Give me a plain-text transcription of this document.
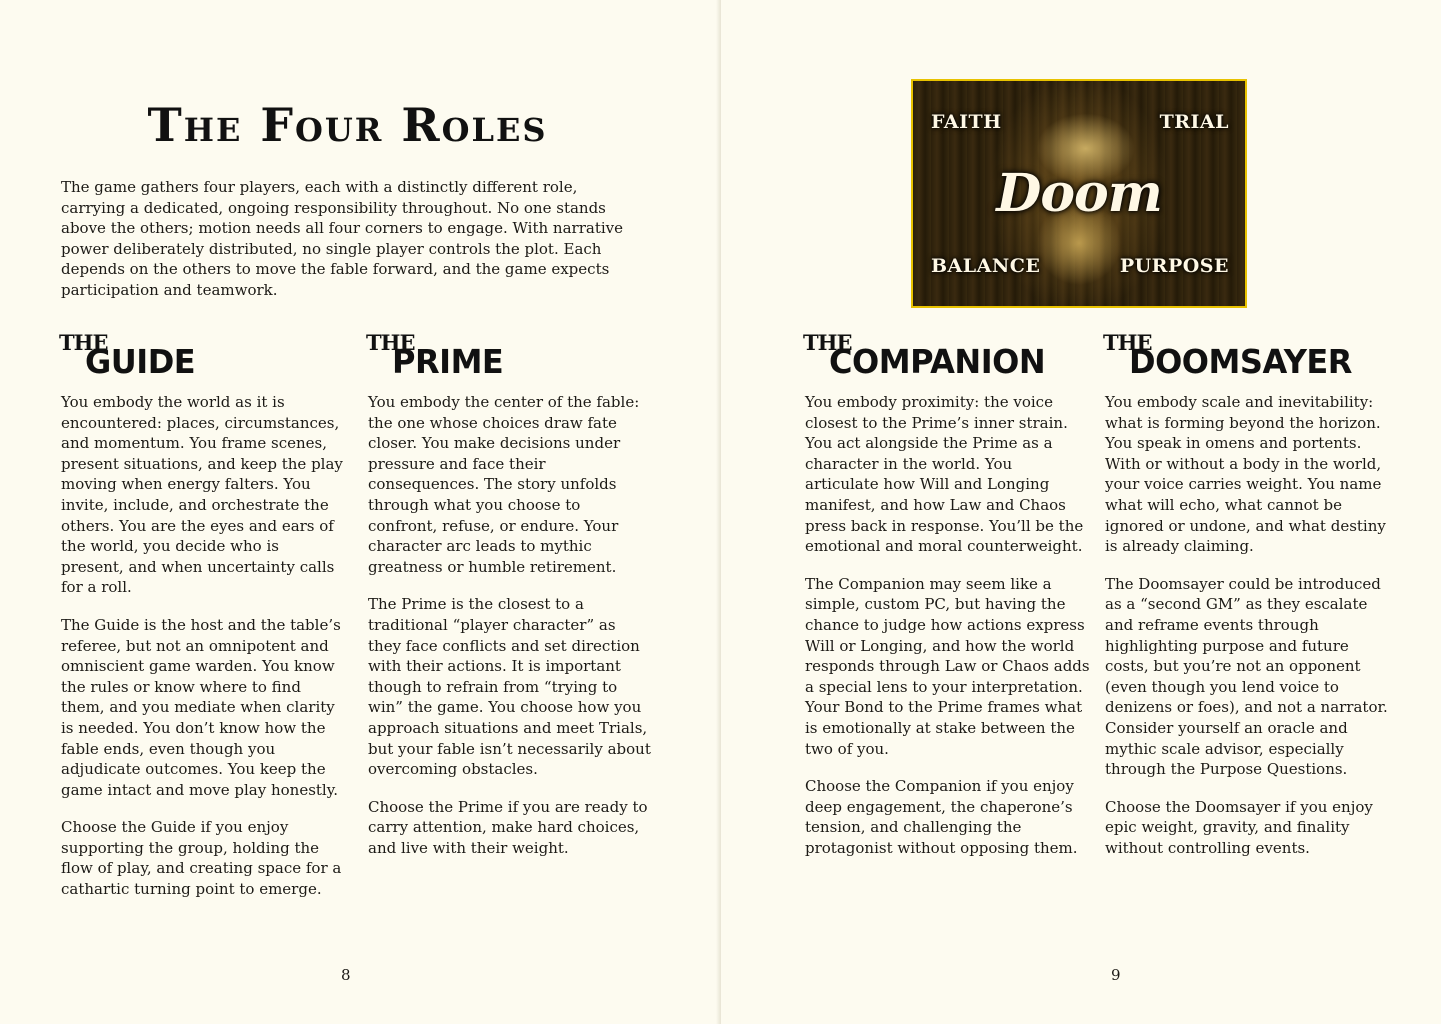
The Four Roles

The game gathers four players, each with a distinctly different role, carrying a dedicated, ongoing responsibility throughout. No one stands above the others; motion needs all four corners to engage. With narrative power deliberately distributed, no single player controls the plot. Each depends on the others to move the fable forward, and the game expects participation and teamwork.

THE
GUIDE

You embody the world as it is encountered: places, circumstances, and momentum. You frame scenes, present situations, and keep the play moving when energy falters. You invite, include, and orchestrate the others. You are the eyes and ears of the world, you decide who is present, and when uncertainty calls for a roll.

The Guide is the host and the table’s referee, but not an omnipotent and omniscient game warden. You know the rules or know where to find them, and you mediate when clarity is needed. You don’t know how the fable ends, even though you adjudicate outcomes. You keep the game intact and move play honestly.

Choose the Guide if you enjoy supporting the group, holding the flow of play, and creating space for a cathartic turning point to emerge.

THE
PRIME

You embody the center of the fable: the one whose choices draw fate closer. You make decisions under pressure and face their consequences. The story unfolds through what you choose to confront, refuse, or endure. Your character arc leads to mythic greatness or humble retirement.

The Prime is the closest to a traditional “player character” as they face conflicts and set direction with their actions. It is important though to refrain from “trying to win” the game. You choose how you approach situations and meet Trials, but your fable isn’t necessarily about overcoming obstacles.

Choose the Prime if you are ready to carry attention, make hard choices, and live with their weight.

8
FAITH	TRIAL
Doom
BALANCE	PURPOSE
THE
COMPANION

You embody proximity: the voice closest to the Prime’s inner strain. You act alongside the Prime as a character in the world. You articulate how Will and Longing manifest, and how Law and Chaos press back in response. You’ll be the emotional and moral counterweight.

The Companion may seem like a simple, custom PC, but having the chance to judge how actions express Will or Longing, and how the world responds through Law or Chaos adds a special lens to your interpretation. Your Bond to the Prime frames what is emotionally at stake between the two of you.

Choose the Companion if you enjoy deep engagement, the chaperone’s tension, and challenging the protagonist without opposing them.

THE
DOOMSAYER

You embody scale and inevitability: what is forming beyond the horizon. You speak in omens and portents. With or without a body in the world, your voice carries weight. You name what will echo, what cannot be ignored or undone, and what destiny is already claiming.

The Doomsayer could be introduced as a “second GM” as they escalate and reframe events through highlighting purpose and future costs, but you’re not an opponent (even though you lend voice to denizens or foes), and not a narrator. Consider yourself an oracle and mythic scale advisor, especially through the Purpose Questions.

Choose the Doomsayer if you enjoy epic weight, gravity, and finality without controlling events.

9
